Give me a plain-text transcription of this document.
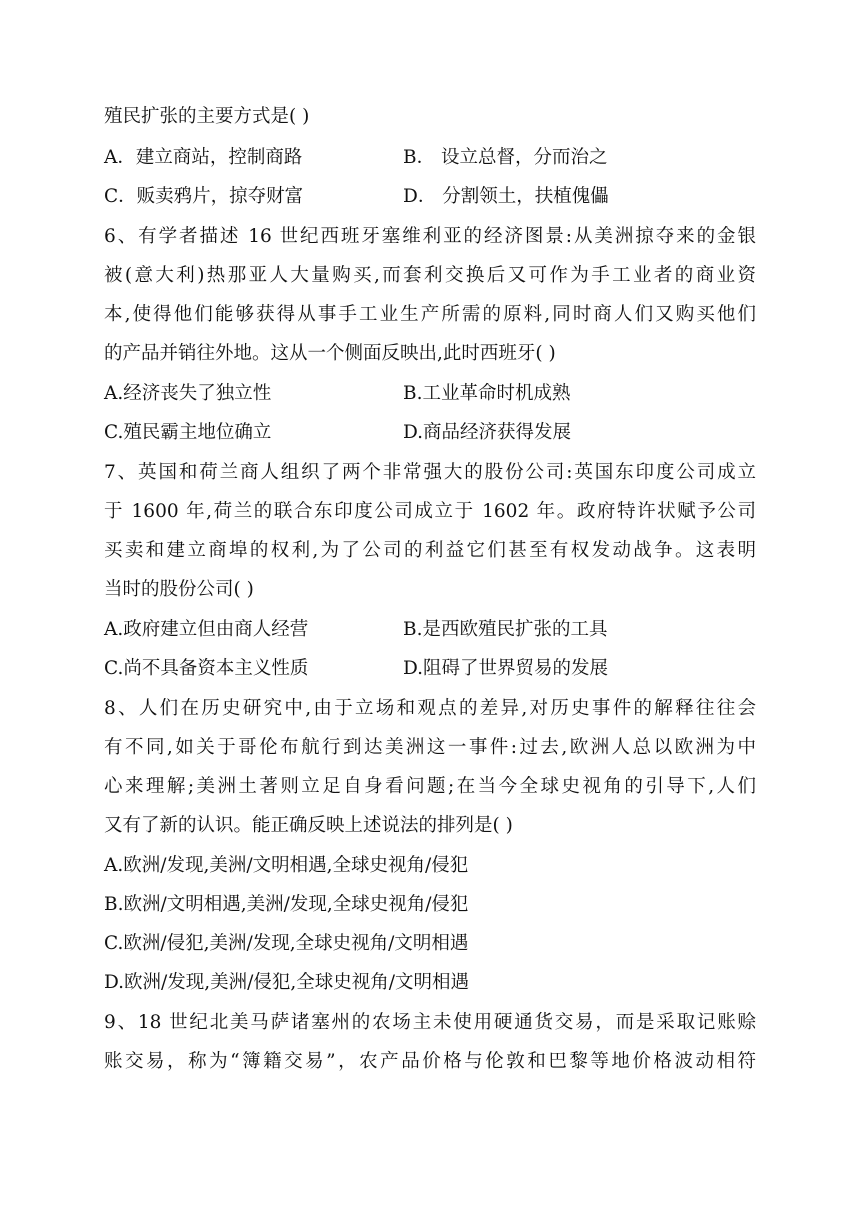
殖民扩张的主要方式是( )
A．建立商站，控制商路	B． 设立总督，分而治之
C．贩卖鸦片，掠夺财富	D． 分割领土，扶植傀儡
6、有学者描述 16 世纪西班牙塞维利亚的经济图景:从美洲掠夺来的金银
被(意大利)热那亚人大量购买,而套利交换后又可作为手工业者的商业资
本,使得他们能够获得从事手工业生产所需的原料,同时商人们又购买他们
的产品并销往外地。这从一个侧面反映出,此时西班牙( )
A.经济丧失了独立性	B.工业革命时机成熟
C.殖民霸主地位确立	D.商品经济获得发展
7、英国和荷兰商人组织了两个非常强大的股份公司:英国东印度公司成立
于 1600 年,荷兰的联合东印度公司成立于 1602 年。政府特许状赋予公司
买卖和建立商埠的权利,为了公司的利益它们甚至有权发动战争。这表明
当时的股份公司( )
A.政府建立但由商人经营	B.是西欧殖民扩张的工具
C.尚不具备资本主义性质	D.阻碍了世界贸易的发展
8、人们在历史研究中,由于立场和观点的差异,对历史事件的解释往往会
有不同,如关于哥伦布航行到达美洲这一事件:过去,欧洲人总以欧洲为中
心来理解;美洲土著则立足自身看问题;在当今全球史视角的引导下,人们
又有了新的认识。能正确反映上述说法的排列是( )
A.欧洲/发现,美洲/文明相遇,全球史视角/侵犯
B.欧洲/文明相遇,美洲/发现,全球史视角/侵犯
C.欧洲/侵犯,美洲/发现,全球史视角/文明相遇
D.欧洲/发现,美洲/侵犯,全球史视角/文明相遇
9、18 世纪北美马萨诸塞州的农场主未使用硬通货交易，而是采取记账赊
账交易，称为“簿籍交易”，农产品价格与伦敦和巴黎等地价格波动相符
